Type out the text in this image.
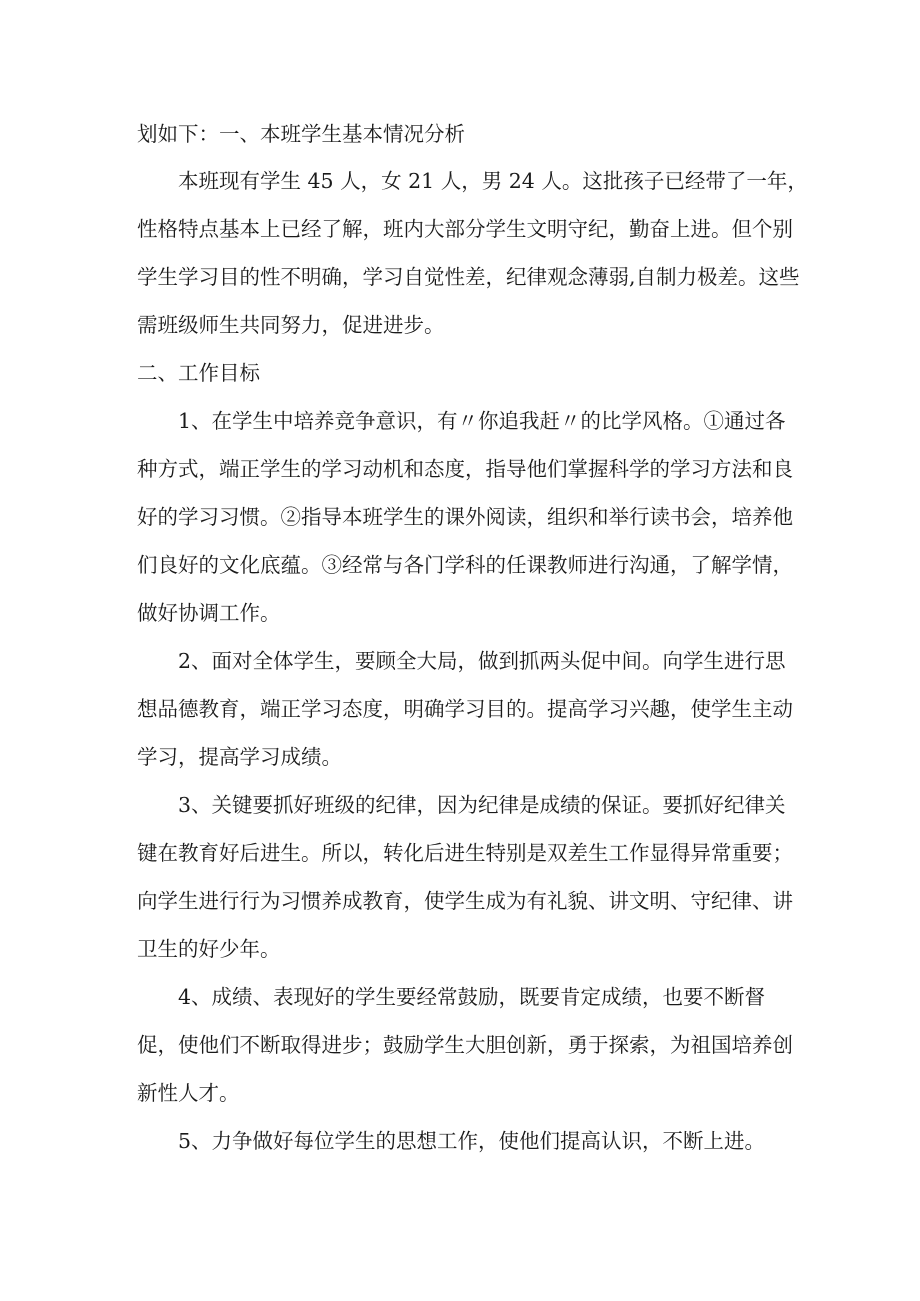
划如下：一、本班学生基本情况分析
本班现有学生 45 人，女 21 人，男 24 人。这批孩子已经带了一年，
性格特点基本上已经了解，班内大部分学生文明守纪，勤奋上进。但个别
学生学习目的性不明确，学习自觉性差，纪律观念薄弱,自制力极差。这些
需班级师生共同努力，促进进步。
二、工作目标
1、在学生中培养竞争意识，有〃你追我赶〃的比学风格。①通过各
种方式，端正学生的学习动机和态度，指导他们掌握科学的学习方法和良
好的学习习惯。②指导本班学生的课外阅读，组织和举行读书会，培养他
们良好的文化底蕴。③经常与各门学科的任课教师进行沟通，了解学情，
做好协调工作。
2、面对全体学生，要顾全大局，做到抓两头促中间。向学生进行思
想品德教育，端正学习态度，明确学习目的。提高学习兴趣，使学生主动
学习，提高学习成绩。
3、关键要抓好班级的纪律，因为纪律是成绩的保证。要抓好纪律关
键在教育好后进生。所以，转化后进生特别是双差生工作显得异常重要；
向学生进行行为习惯养成教育，使学生成为有礼貌、讲文明、守纪律、讲
卫生的好少年。
4、成绩、表现好的学生要经常鼓励，既要肯定成绩，也要不断督
促，使他们不断取得进步；鼓励学生大胆创新，勇于探索，为祖国培养创
新性人才。
5、力争做好每位学生的思想工作，使他们提高认识，不断上进。
